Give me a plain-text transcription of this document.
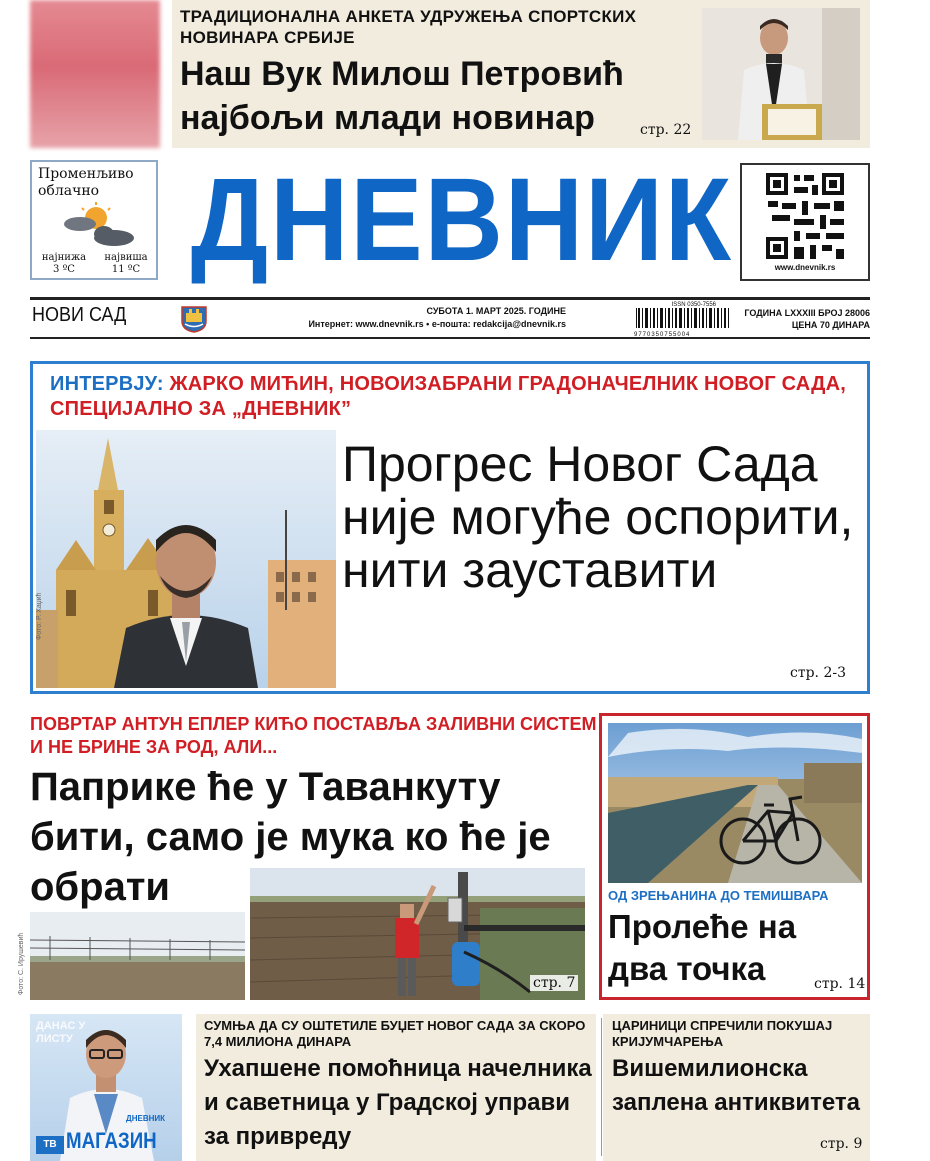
ТРАДИЦИОНАЛНА АНКЕТА УДРУЖЕЊА СПОРТСКИХ НОВИНАРА СРБИЈЕ
Наш Вук Милош Петровић најбољи млади новинар	стр. 22
Променљиво облачно
најнижа
3 ºC
највиша
11 ºC ДНЕВНИК	www.dnevnik.rs
НОВИ САД	СУБОТА 1. МАРТ 2025. ГОДИНЕ
Интернет: www.dnevnik.rs • е-пошта: redakcija@dnevnik.rs
ISSN 0350-7556
9770350755004
ГОДИНА LXXXIII БРОЈ 28006
ЦЕНА 70 ДИНАРА
ИНТЕРВЈУ: ЖАРКО МИЋИН, НОВОИЗАБРАНИ ГРАДОНАЧЕЛНИК НОВОГ САДА, СПЕЦИЈАЛНО ЗА „ДНЕВНИК”
Фото: Р. Хаџић
Прогрес Новог Сада није могуће оспорити, нити зауставити
стр. 2-3
ПОВРТАР АНТУН ЕПЛЕР КИЋО ПОСТАВЉА ЗАЛИВНИ СИСТЕМ И НЕ БРИНЕ ЗА РОД, АЛИ...
Паприке ће у Таванкуту бити, само је мука ко ће је обрати
Фото: С. Ирушевић	стр. 7
ОД ЗРЕЊАНИНА ДО ТЕМИШВАРА
Пролеће на два точка	стр. 14
ДАНАС У ЛИСТУ
ДНЕВНИК
ТВ МАГАЗИН
СУМЊА ДА СУ ОШТЕТИЛЕ БУЏЕТ НОВОГ САДА ЗА СКОРО 7,4 МИЛИОНА ДИНАРА
Ухапшене помоћница начелника и саветница у Градској управи за привреду
ЦАРИНИЦИ СПРЕЧИЛИ ПОКУШАЈ КРИЈУМЧАРЕЊА
Вишемилионска заплена антиквитета
стр. 9
